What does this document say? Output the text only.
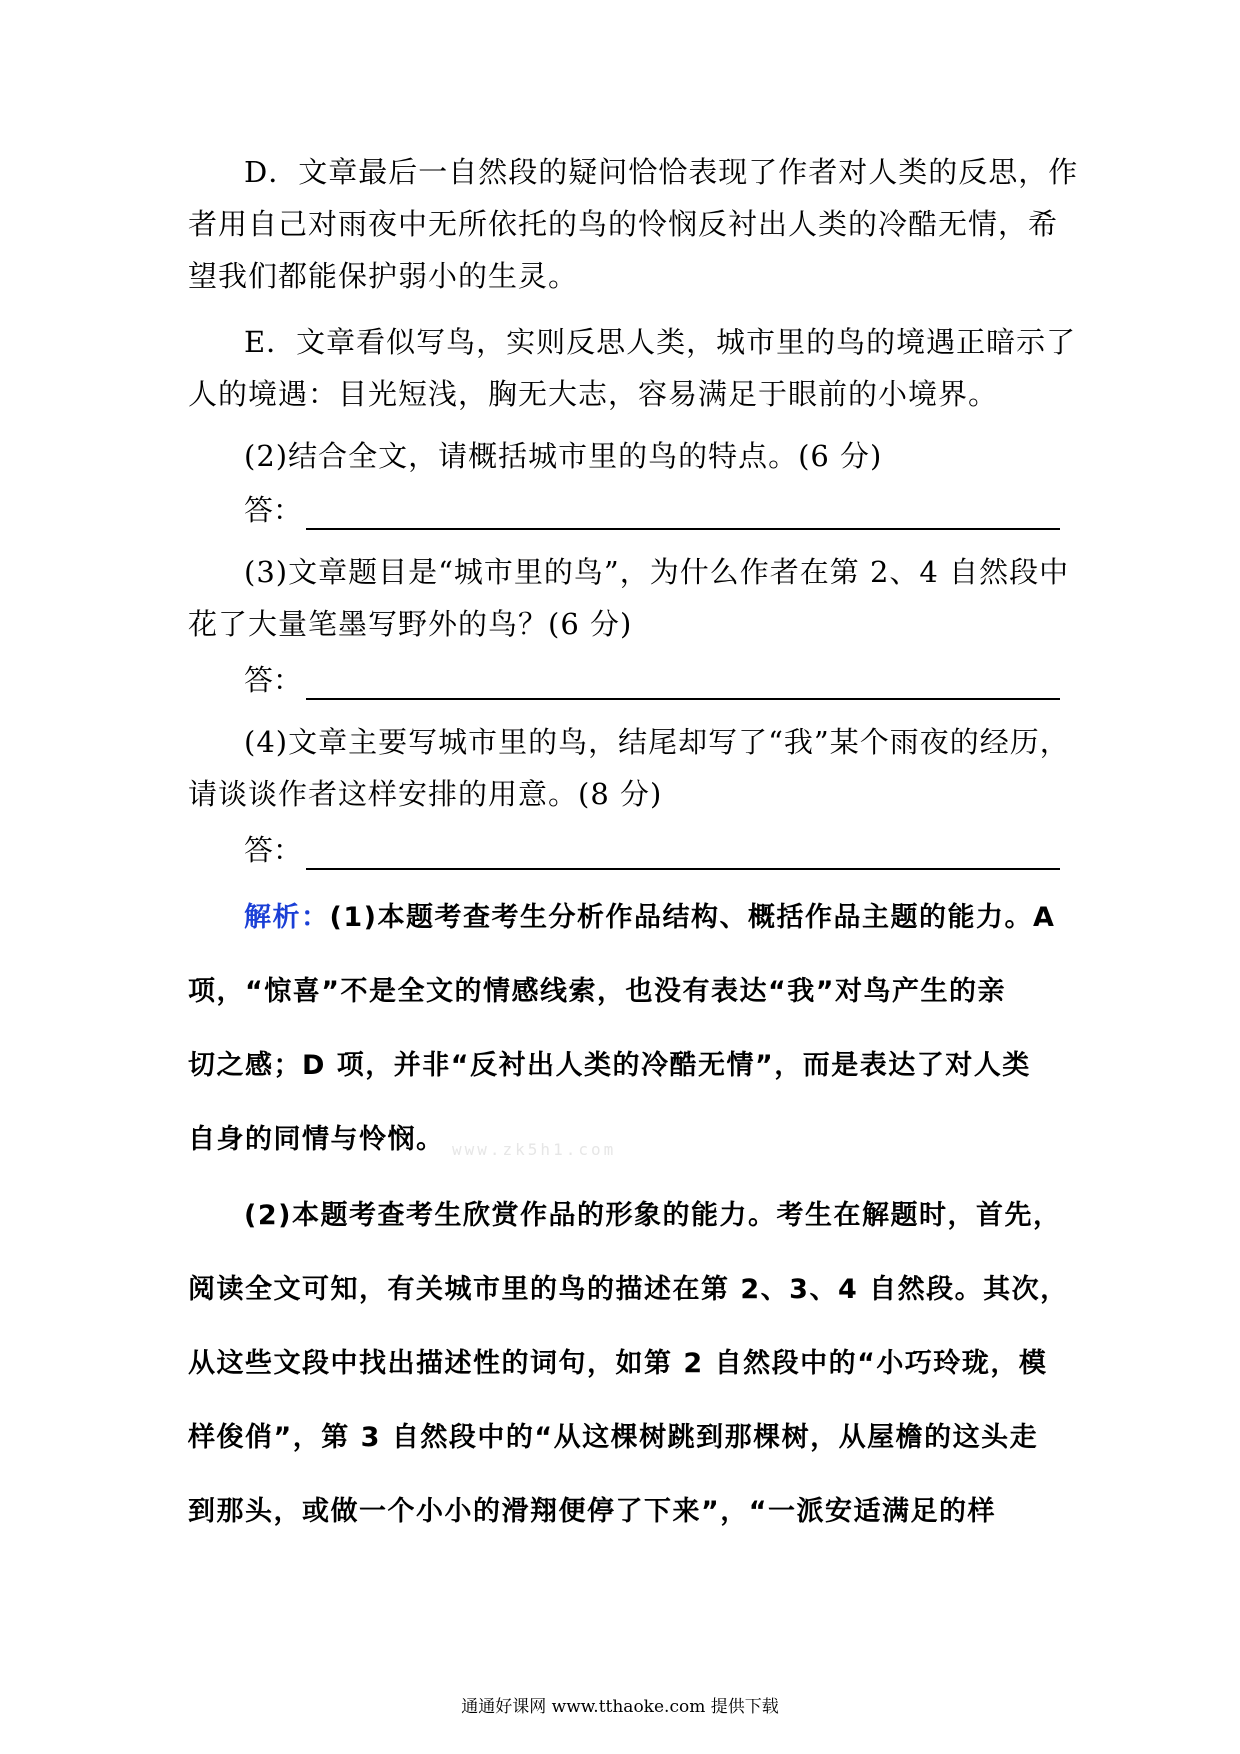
D．文章最后一自然段的疑问恰恰表现了作者对人类的反思，作
者用自己对雨夜中无所依托的鸟的怜悯反衬出人类的冷酷无情，希
望我们都能保护弱小的生灵。
E．文章看似写鸟，实则反思人类，城市里的鸟的境遇正暗示了
人的境遇：目光短浅，胸无大志，容易满足于眼前的小境界。
(2)结合全文，请概括城市里的鸟的特点。(6 分)
答：
(3)文章题目是“城市里的鸟”，为什么作者在第 2、4 自然段中
花了大量笔墨写野外的鸟？(6 分)
答：
(4)文章主要写城市里的鸟，结尾却写了“我”某个雨夜的经历，
请谈谈作者这样安排的用意。(8 分)
答：
解析：(1)本题考查考生分析作品结构、概括作品主题的能力。A
项，“惊喜”不是全文的情感线索，也没有表达“我”对鸟产生的亲
切之感；D 项，并非“反衬出人类的冷酷无情”，而是表达了对人类
自身的同情与怜悯。 www.zk5h1.com
(2)本题考查考生欣赏作品的形象的能力。考生在解题时，首先，
阅读全文可知，有关城市里的鸟的描述在第 2、3、4 自然段。其次，
从这些文段中找出描述性的词句，如第 2 自然段中的“小巧玲珑，模
样俊俏”，第 3 自然段中的“从这棵树跳到那棵树，从屋檐的这头走
到那头，或做一个小小的滑翔便停了下来”，“一派安适满足的样
通通好课网 www.tthaoke.com 提供下载
